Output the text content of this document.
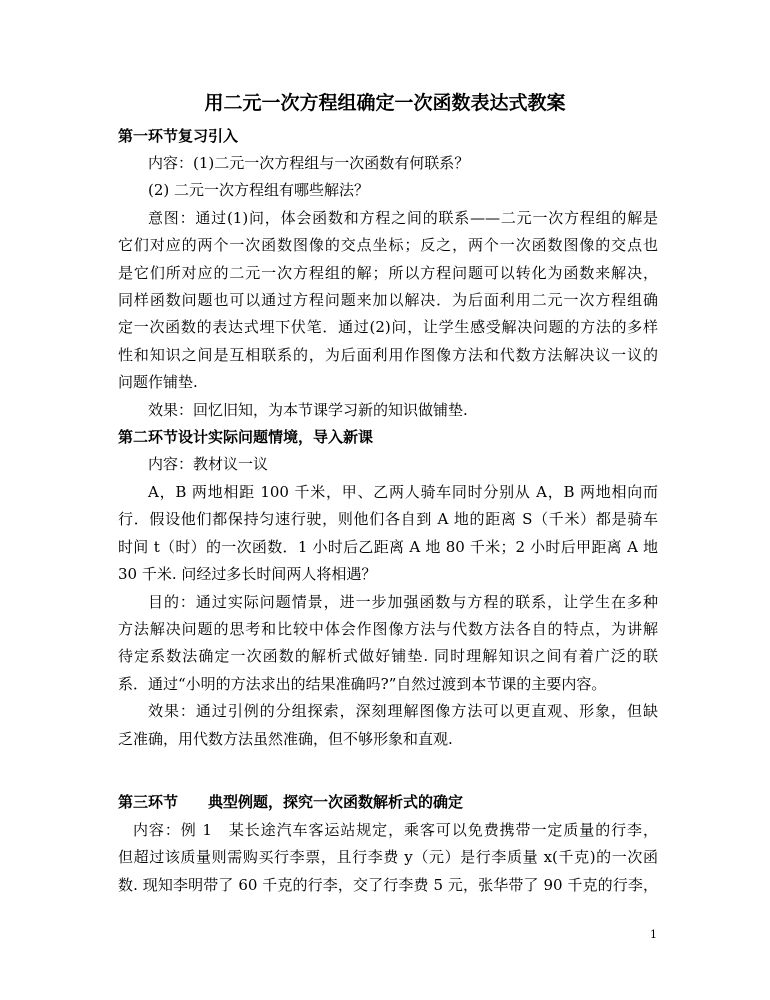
用二元一次方程组确定一次函数表达式教案
第一环节复习引入
内容：(1)二元一次方程组与一次函数有何联系？
(2) 二元一次方程组有哪些解法？
意图：通过(1)问，体会函数和方程之间的联系——二元一次方程组的解是
它们对应的两个一次函数图像的交点坐标；反之，两个一次函数图像的交点也
是它们所对应的二元一次方程组的解；所以方程问题可以转化为函数来解决，
同样函数问题也可以通过方程问题来加以解决．为后面利用二元一次方程组确
定一次函数的表达式埋下伏笔．通过(2)问，让学生感受解决问题的方法的多样
性和知识之间是互相联系的，为后面利用作图像方法和代数方法解决议一议的
问题作铺垫.
效果：回忆旧知，为本节课学习新的知识做铺垫.
第二环节设计实际问题情境，导入新课
内容：教材议一议
A，B 两地相距 100 千米，甲、乙两人骑车同时分别从 A，B 两地相向而
行．假设他们都保持匀速行驶，则他们各自到 A 地的距离 S（千米）都是骑车
时间 t（时）的一次函数．1 小时后乙距离 A 地 80 千米；2 小时后甲距离 A 地
30 千米. 问经过多长时间两人将相遇？
目的：通过实际问题情景，进一步加强函数与方程的联系，让学生在多种
方法解决问题的思考和比较中体会作图像方法与代数方法各自的特点，为讲解
待定系数法确定一次函数的解析式做好铺垫. 同时理解知识之间有着广泛的联
系．通过“小明的方法求出的结果准确吗?”自然过渡到本节课的主要内容。
效果：通过引例的分组探索，深刻理解图像方法可以更直观、形象，但缺
乏准确，用代数方法虽然准确，但不够形象和直观.
第三环节 典型例题，探究一次函数解析式的确定
内容：例 1　某长途汽车客运站规定，乘客可以免费携带一定质量的行李，
但超过该质量则需购买行李票，且行李费 y（元）是行李质量 x(千克)的一次函
数. 现知李明带了 60 千克的行李，交了行李费 5 元，张华带了 90 千克的行李，
1
